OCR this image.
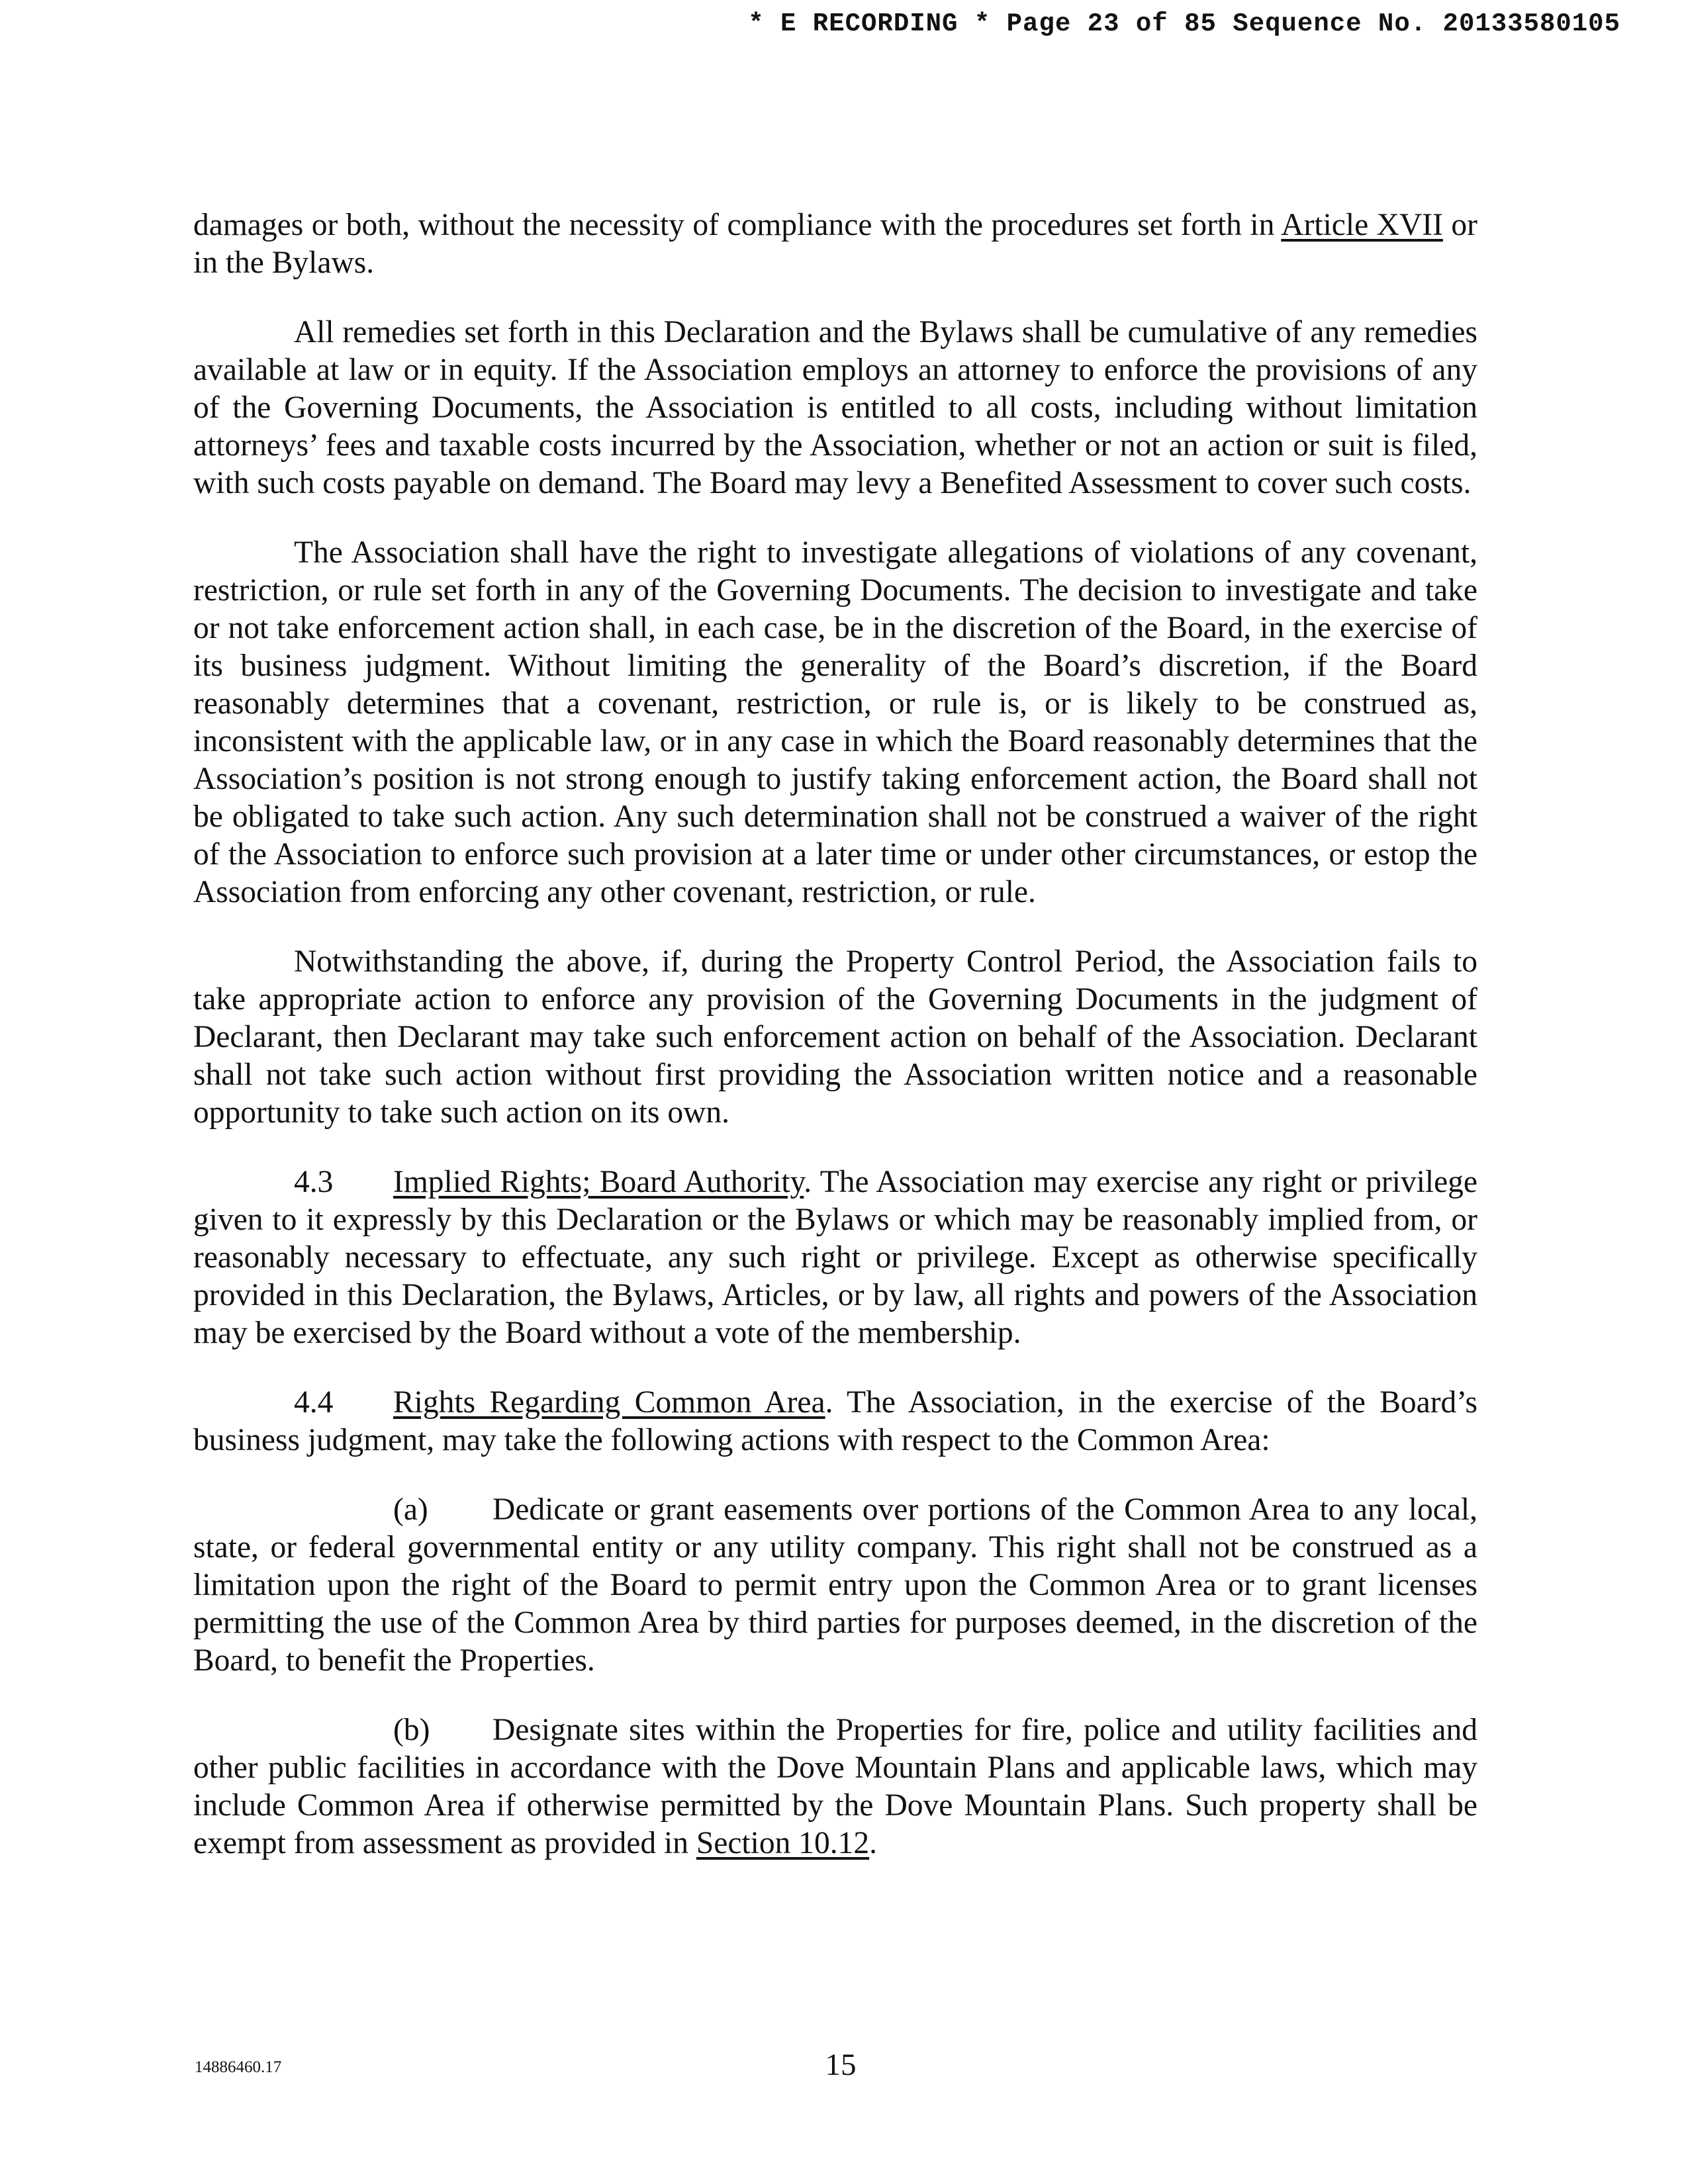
* E RECORDING * Page 23 of 85 Sequence No. 20133580105

damages or both, without the necessity of compliance with the procedures set forth in Article XVII or in the Bylaws.

All remedies set forth in this Declaration and the Bylaws shall be cumulative of any remedies available at law or in equity. If the Association employs an attorney to enforce the provisions of any of the Governing Documents, the Association is entitled to all costs, including without limitation attorneys’ fees and taxable costs incurred by the Association, whether or not an action or suit is filed, with such costs payable on demand. The Board may levy a Benefited Assessment to cover such costs.

The Association shall have the right to investigate allegations of violations of any covenant, restriction, or rule set forth in any of the Governing Documents. The decision to investigate and take or not take enforcement action shall, in each case, be in the discretion of the Board, in the exercise of its business judgment. Without limiting the generality of the Board’s discretion, if the Board reasonably determines that a covenant, restriction, or rule is, or is likely to be construed as, inconsistent with the applicable law, or in any case in which the Board reasonably determines that the Association’s position is not strong enough to justify taking enforcement action, the Board shall not be obligated to take such action. Any such determination shall not be construed a waiver of the right of the Association to enforce such provision at a later time or under other circumstances, or estop the Association from enforcing any other covenant, restriction, or rule.

Notwithstanding the above, if, during the Property Control Period, the Association fails to take appropriate action to enforce any provision of the Governing Documents in the judgment of Declarant, then Declarant may take such enforcement action on behalf of the Association. Declarant shall not take such action without first providing the Association written notice and a reasonable opportunity to take such action on its own.

4.3 Implied Rights; Board Authority. The Association may exercise any right or privilege given to it expressly by this Declaration or the Bylaws or which may be reasonably implied from, or reasonably necessary to effectuate, any such right or privilege. Except as otherwise specifically provided in this Declaration, the Bylaws, Articles, or by law, all rights and powers of the Association may be exercised by the Board without a vote of the membership.

4.4 Rights Regarding Common Area. The Association, in the exercise of the Board’s business judgment, may take the following actions with respect to the Common Area:

(a) Dedicate or grant easements over portions of the Common Area to any local, state, or federal governmental entity or any utility company. This right shall not be construed as a limitation upon the right of the Board to permit entry upon the Common Area or to grant licenses permitting the use of the Common Area by third parties for purposes deemed, in the discretion of the Board, to benefit the Properties.

(b) Designate sites within the Properties for fire, police and utility facilities and other public facilities in accordance with the Dove Mountain Plans and applicable laws, which may include Common Area if otherwise permitted by the Dove Mountain Plans. Such property shall be exempt from assessment as provided in Section 10.12.

14886460.17	15
